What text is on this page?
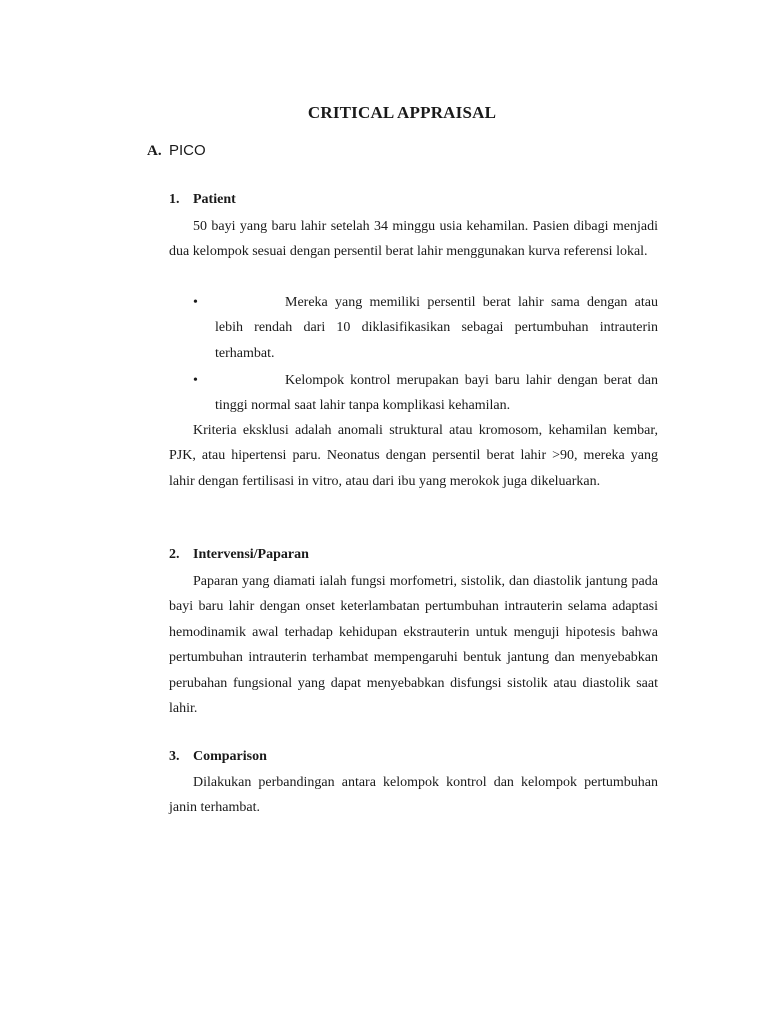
CRITICAL APPRAISAL
A. PICO
1. Patient

50 bayi yang baru lahir setelah 34 minggu usia kehamilan. Pasien dibagi menjadi dua kelompok sesuai dengan persentil berat lahir menggunakan kurva referensi lokal.

•	Mereka yang memiliki persentil berat lahir sama dengan atau lebih rendah dari 10 diklasifikasikan sebagai pertumbuhan intrauterin terhambat.

•	Kelompok kontrol merupakan bayi baru lahir dengan berat dan tinggi normal saat lahir tanpa komplikasi kehamilan.

Kriteria eksklusi adalah anomali struktural atau kromosom, kehamilan kembar, PJK, atau hipertensi paru. Neonatus dengan persentil berat lahir >90, mereka yang lahir dengan fertilisasi in vitro, atau dari ibu yang merokok juga dikeluarkan.

2. Intervensi/Paparan

Paparan yang diamati ialah fungsi morfometri, sistolik, dan diastolik jantung pada bayi baru lahir dengan onset keterlambatan pertumbuhan intrauterin selama adaptasi hemodinamik awal terhadap kehidupan ekstrauterin untuk menguji hipotesis bahwa pertumbuhan intrauterin terhambat mempengaruhi bentuk jantung dan menyebabkan perubahan fungsional yang dapat menyebabkan disfungsi sistolik atau diastolik saat lahir.

3. Comparison

Dilakukan perbandingan antara kelompok kontrol dan kelompok pertumbuhan janin terhambat.
